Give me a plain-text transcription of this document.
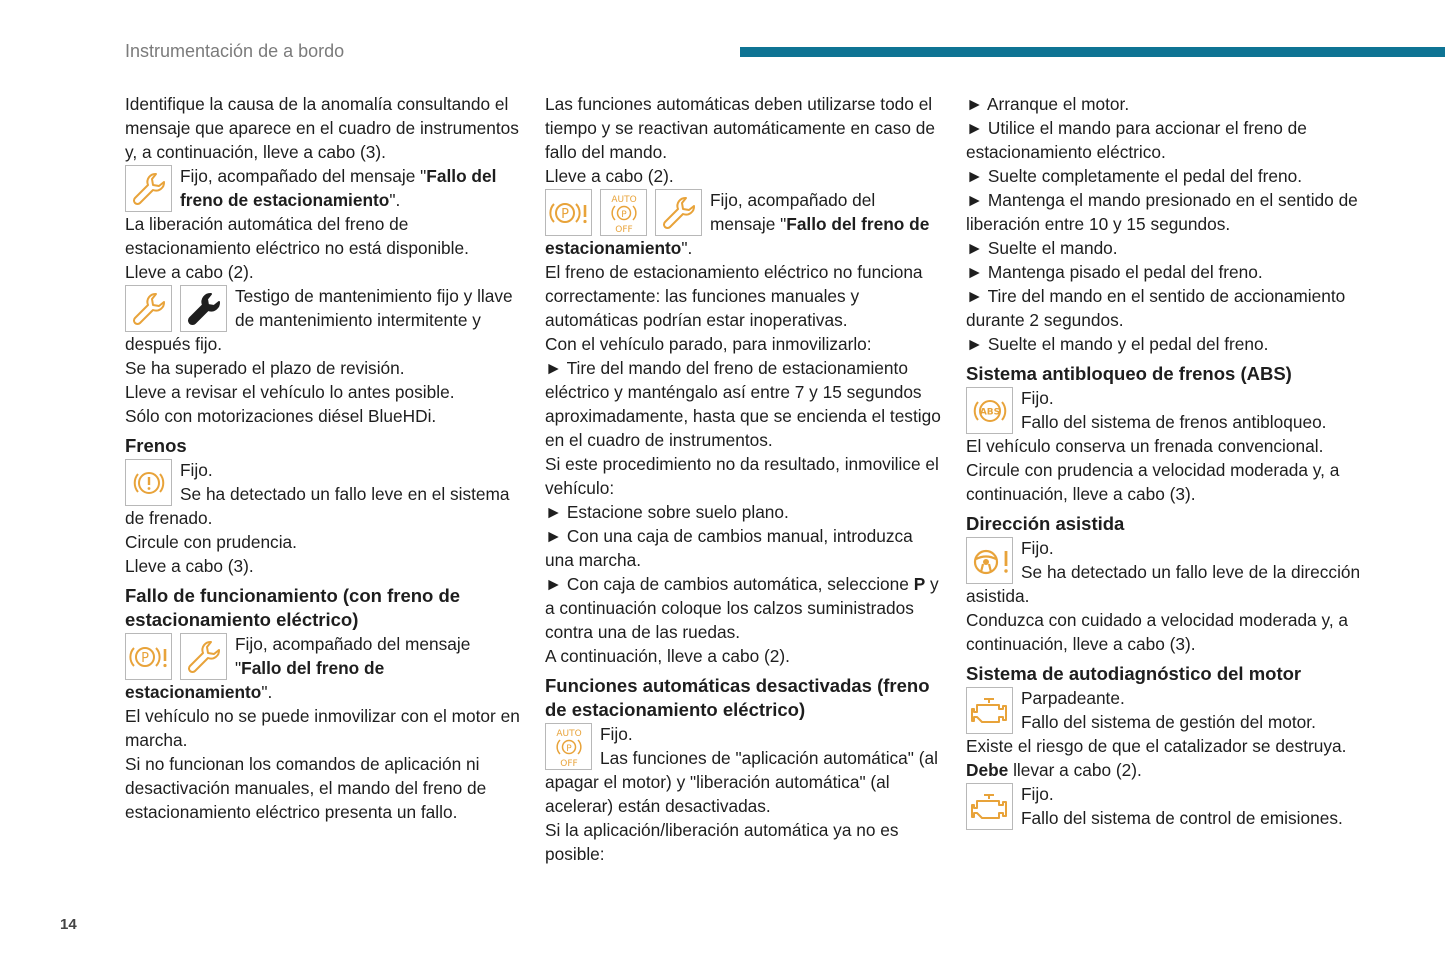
Instrumentación de a bordo
14

Identifique la causa de la anomalía consultando el mensaje que aparece en el cuadro de instrumentos y, a continuación, lleve a cabo (3).

Fijo, acompañado del mensaje "Fallo del freno de estacionamiento".

La liberación automática del freno de estacionamiento eléctrico no está disponible.

Lleve a cabo (2).

Testigo de mantenimiento fijo y llave de mantenimiento intermitente y después fijo.

Se ha superado el plazo de revisión.

Lleve a revisar el vehículo lo antes posible.

Sólo con motorizaciones diésel BlueHDi.

Frenos

Fijo.

Se ha detectado un fallo leve en el sistema de frenado.

Circule con prudencia.

Lleve a cabo (3).

Fallo de funcionamiento (con freno de estacionamiento eléctrico)
P

Fijo, acompañado del mensaje "Fallo del freno de estacionamiento".

El vehículo no se puede inmovilizar con el motor en marcha.

Si no funcionan los comandos de aplicación ni desactivación manuales, el mando del freno de estacionamiento eléctrico presenta un fallo.

Las funciones automáticas deben utilizarse todo el tiempo y se reactivan automáticamente en caso de fallo del mando.

Lleve a cabo (2).

P
AUTO
P
OFF

Fijo, acompañado del mensaje "Fallo del freno de estacionamiento".

El freno de estacionamiento eléctrico no funciona correctamente: las funciones manuales y automáticas podrían estar inoperativas.

Con el vehículo parado, para inmovilizarlo:

► Tire del mando del freno de estacionamiento eléctrico y manténgalo así entre 7 y 15 segundos aproximadamente, hasta que se encienda el testigo en el cuadro de instrumentos.

Si este procedimiento no da resultado, inmovilice el vehículo:

► Estacione sobre suelo plano.

► Con una caja de cambios manual, introduzca una marcha.

► Con caja de cambios automática, seleccione P y a continuación coloque los calzos suministrados contra una de las ruedas.

A continuación, lleve a cabo (2).

Funciones automáticas desactivadas (freno de estacionamiento eléctrico)
AUTO
P
OFF

Fijo.

Las funciones de "aplicación automática" (al apagar el motor) y "liberación automática" (al acelerar) están desactivadas.

Si la aplicación/liberación automática ya no es posible:

► Arranque el motor.

► Utilice el mando para accionar el freno de estacionamiento eléctrico.

► Suelte completamente el pedal del freno.

► Mantenga el mando presionado en el sentido de liberación entre 10 y 15 segundos.

► Suelte el mando.

► Mantenga pisado el pedal del freno.

► Tire del mando en el sentido de accionamiento durante 2 segundos.

► Suelte el mando y el pedal del freno.

Sistema antibloqueo de frenos (ABS)
ABS

Fijo.

Fallo del sistema de frenos antibloqueo.

El vehículo conserva un frenada convencional.

Circule con prudencia a velocidad moderada y, a continuación, lleve a cabo (3).

Dirección asistida

Fijo.

Se ha detectado un fallo leve de la dirección asistida.

Conduzca con cuidado a velocidad moderada y, a continuación, lleve a cabo (3).

Sistema de autodiagnóstico del motor

Parpadeante.

Fallo del sistema de gestión del motor.

Existe el riesgo de que el catalizador se destruya.

Debe llevar a cabo (2).

Fijo.

Fallo del sistema de control de emisiones.
